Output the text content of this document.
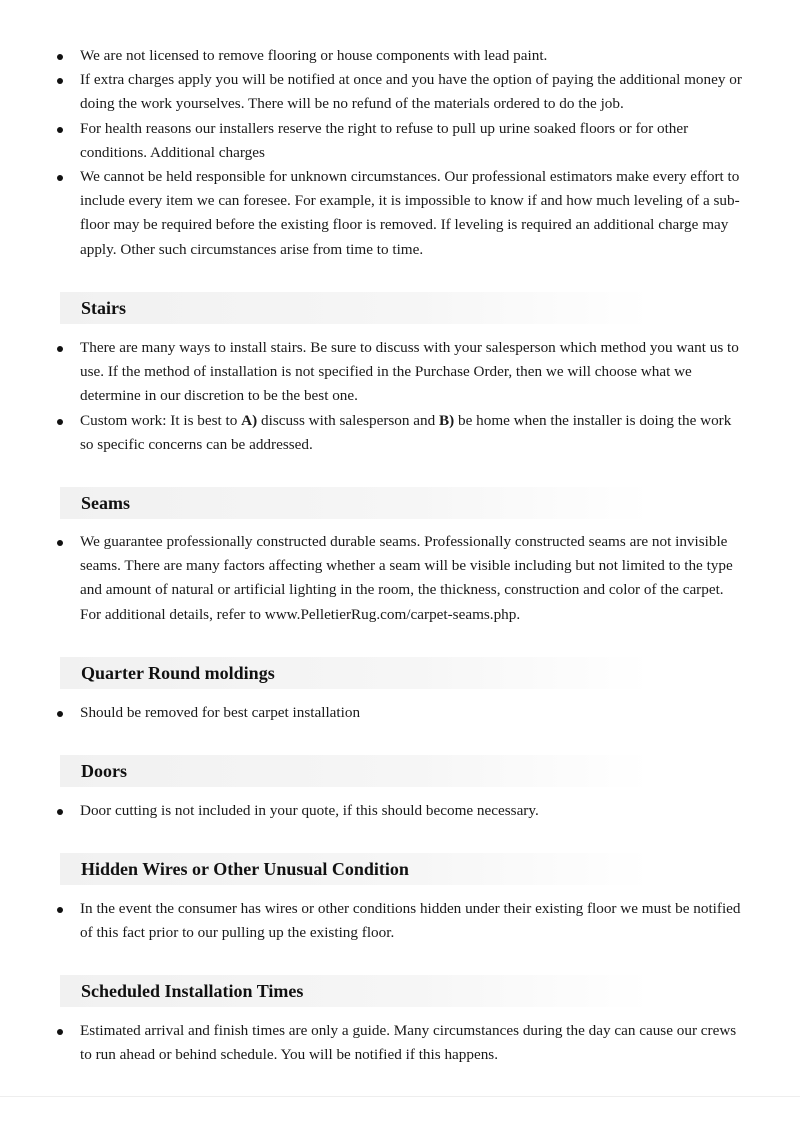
We are not licensed to remove flooring or house components with lead paint.
If extra charges apply you will be notified at once and you have the option of paying the additional money or doing the work yourselves. There will be no refund of the materials ordered to do the job.
For health reasons our installers reserve the right to refuse to pull up urine soaked floors or for other conditions. Additional charges
We cannot be held responsible for unknown circumstances. Our professional estimators make every effort to include every item we can foresee. For example, it is impossible to know if and how much leveling of a sub-floor may be required before the existing floor is removed. If leveling is required an additional charge may apply. Other such circumstances arise from time to time.
Stairs
There are many ways to install stairs. Be sure to discuss with your salesperson which method you want us to use. If the method of installation is not specified in the Purchase Order, then we will choose what we determine in our discretion to be the best one.
Custom work: It is best to A) discuss with salesperson and B) be home when the installer is doing the work so specific concerns can be addressed.
Seams
We guarantee professionally constructed durable seams. Professionally constructed seams are not invisible seams. There are many factors affecting whether a seam will be visible including but not limited to the type and amount of natural or artificial lighting in the room, the thickness, construction and color of the carpet. For additional details, refer to www.PelletierRug.com/carpet-seams.php.
Quarter Round moldings
Should be removed for best carpet installation
Doors
Door cutting is not included in your quote, if this should become necessary.
Hidden Wires or Other Unusual Condition
In the event the consumer has wires or other conditions hidden under their existing floor we must be notified of this fact prior to our pulling up the existing floor.
Scheduled Installation Times
Estimated arrival and finish times are only a guide. Many circumstances during the day can cause our crews to run ahead or behind schedule. You will be notified if this happens.
